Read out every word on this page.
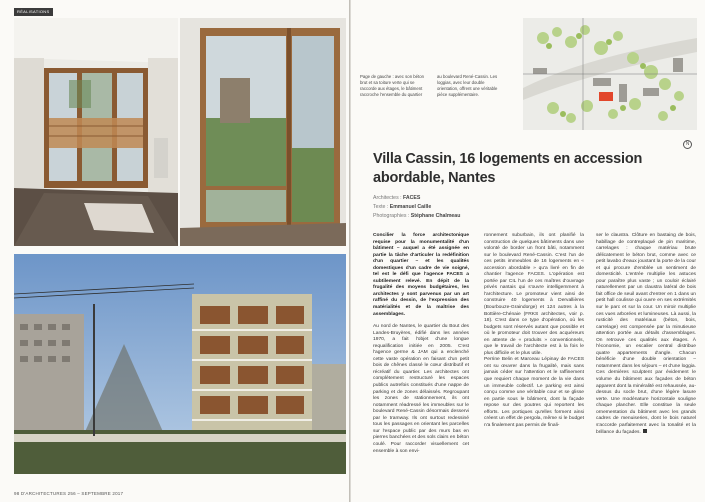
RÉALISATIONS
98 D'ARCHITECTURES 256 – SEPTEMBRE 2017
Page de gauche : avec son béton brut et sa toiture verte qui se raccorde aux étages, le bâtiment raccroche l'ensemble du quartier
au boulevard René-Cassin. Les loggias, avec leur double orientation, offrent une véritable pièce supplémentaire.
N
Villa Cassin, 16 logements en accession abordable, Nantes
Architectes : FACES
Texte : Emmanuel Caille
Photographies : Stéphane Chalmeau

Concilier la force architectonique requise pour la monumentalité d'un bâtiment – auquel a été assignée en partie la tâche d'articuler la redéfinition d'un quartier – et les qualités domestiques d'un cadre de vie soigné, tel est le défi que l'agence FACES a subtilement relevé. En dépit de la frugalité des moyens budgétaires, les architectes y sont parvenus par un art raffiné du dessin, de l'expression des matérialités et de la maîtrise des assemblages.

Au nord de Nantes, le quartier du Bout des Landes-Bruyères, édifié dans les années 1970, a fait l'objet d'une longue requalification initiée en 2005. C'est l'agence germe & JAM qui a enclenché cette vaste opération en faisant d'un petit bois de chênes classé le cœur distributif et récréatif du quartier. Les architectes ont complètement restructuré les espaces publics autrefois constitués d'une nappe de parking et de zones délaissés. Regroupant les zones de stationnement, ils ont notamment réadressé les immeubles sur le boulevard René-Cassin désormais desservi par le tramway. Ils ont surtout redessiné tous les passages en orientant les parcelles sur l'espace public par des murs bas en pierres banchées et des sols clairs en béton coulé. Pour raccorder visuellement cet ensemble à son envi-

ronnement suburbain, ils ont planifié la construction de quelques bâtiments dans une volonté de border un front bâti, notamment sur le boulevard René-Cassin. C'est l'un de ces petits immeubles de 16 logements en « accession abordable » qu'a livré en fin de chantier l'agence FACES. L'opération est portée par CIL l'un de ces maîtres d'ouvrage privés nantais qui s'ouvre intelligemment à l'architecture. Le promoteur vient ainsi de construire 40 logements à Dervallières (Bourbouze-Graindorge) et 124 autres à la Bottière-Chénaie (FRKS architectes, voir p. 18). C'est dans ce type d'opération, où les budgets sont réservés autant que possible et où le promoteur doit trouver des acquéreurs en attente de « produits » conventionnels, que le travail de l'architecte est à la fois le plus difficile et le plus utile.

Perrine Belin et Marceau Lépinay de FACES ont su œuvrer dans la frugalité, mais sans jamais céder sur l'attention et le raffinement que requiert chaque moment de la vie dans un immeuble collectif. Le parking est ainsi conçu comme une véritable cour et se glisse en partie sous le bâtiment, dont la façade repose sur des poutres qui reportent les efforts. Les portiques qu'elles forment ainsi créent un effet de pergola, même si le budget n'a finalement pas permis de finali-

ser le claustra. Clôture en bastaing de bois, habillage de contreplaqué de pin maritime, carrelages : chaque matériau brute délicatement le béton brut, comme avec ce petit lavabo d'eaux jouxtant la porte de la cour et qui procure d'emblée un sentiment de domesticité. L'entrée multiplie les astuces pour paraître plus vaste ; un couloir éclairé naturellement par un claustra latéral de bois fait office de seuil avant d'entrer en 1 dans un petit hall coulisse qui ouvre en ses extrémités sur le parc et sur la cour. Un miroir multiplie ces vues arborées et lumineuses. Là aussi, la rusticité des matériaux (béton, bois, carrelage) est compensée par la minutieuse attention portée aux détails d'assemblages. On retrouve ces qualités aux étages. À l'économie, un escalier central distribue quatre appartements d'angle. Chacun bénéficie d'une double orientation – notamment dans les séjours – et d'une loggia. Ces dernières sculptent par évidement le volume du bâtiment aux façades de béton apparent dont la minéralité est rehaussée, au-dessus du socle brut, d'une légère lasure verte. Une modénature horizontale souligne chaque plancher. Elle constitue la seule ornementation du bâtiment avec les grands cadres de menuiseries, dont le bois naturel s'accorde parfaitement avec la tonalité et la brillance du façades.
